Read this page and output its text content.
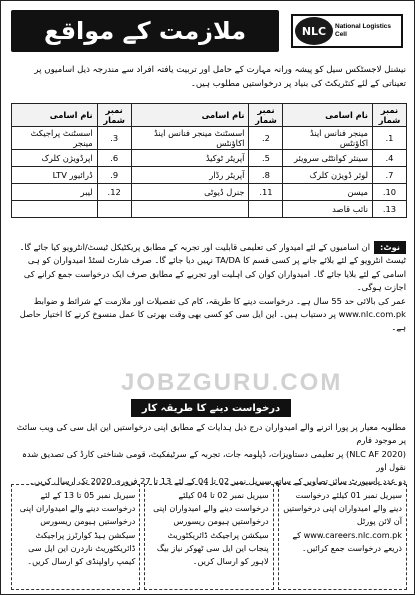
ملازمت کے مواقع	NLC	National Logistics Cell
نیشنل لاجسٹکس سیل کو پیشہ ورانہ مہارت کے حامل اور تربیت یافتہ افراد سے مندرجہ ذیل اسامیوں پر تعیناتی کے لئے کنٹریکٹ کی بنیاد پر درخواستیں مطلوب ہیں۔
نمبر شمار	نام اسامی	نمبر شمار	نام اسامی	نمبر شمار	نام اسامی
1.	مینجر فنانس اینڈ اکاؤنٹس	2.	اسسٹنٹ مینجر فنانس اینڈ اکاؤنٹس	3.	اسسٹنٹ پراجیکٹ مینجر
4.	سینئر کوانٹٹی سرویئر	5.	آپریٹر ٹوکیڈ	6.	اپرڈویژن کلرک
7.	لوئر ڈویژن کلرک	8.	آپریٹر رڈار	9.	ڈرائیور LTV
10.	میسن	11.	جنرل ڈیوٹی	12.	لیبر
13.	نائب قاصد				
نوٹ:ان اسامیوں کے لئے امیدوار کی تعلیمی قابلیت اور تجربہ کے مطابق پریکٹیکل ٹیسٹ/انٹرویو کیا جائے گا۔
ٹیسٹ انٹرویو کے لئے بلائے جانے پر کسی قسم کا TA/DA نہیں دیا جائے گا۔ صرف شارٹ لسٹڈ امیدواران کو ہی
اسامی کے لئے بلایا جائے گا۔ امیدواران کوان کی اہلیت اور تجربے کے مطابق صرف ایک درخواست جمع کرانے کی اجازت ہوگی۔
عمر کی بالائی حد 55 سال ہے۔ درخواست دینے کا طریقہ، کام کی تفصیلات اور ملازمت کے شرائط و ضوابط
www.nlc.com.pk پر دستیاب ہیں۔ این ایل سی کو کسی بھی وقت بھرتی کا عمل منسوخ کرنے کا اختیار حاصل ہے۔
JOBZGURU.COM
درخواست دینے کا طریقہ کار
مطلوبہ معیار پر پورا اترنے والے امیدواران درج ذیل ہدایات کے مطابق اپنی درخواستیں این ایل سی کی ویب سائٹ پر موجود فارم
(NLC AF 2020) پر تعلیمی دستاویزات، ڈپلومہ جات، تجربہ کے سرٹیفکیٹ، قومی شناختی کارڈ کی تصدیق شدہ نقول اور
دو عدد پاسپورٹ سائز تصاویر کے ساتھ سیریل نمبر 02 تا 04 کے لئے 13 تا 27 فروری 2020 تک ارسال کریں۔
سیریل نمبر 01 کیلئے درخواست دینے والے امیدواران اپنی درخواستیں آن لائن پورٹل www.careers.nlc.com.pk کے ذریعے درخواست جمع کرائیں۔
سیریل نمبر 02 تا 04 کیلئے درخواست دینے والے امیدواران اپنی درخواستیں ہیومن ریسورس سیکشن پراجیکٹ ڈائریکٹوریٹ پنجاب این ایل سی ٹھوکر نیاز بیگ لاہور کو ارسال کریں۔
سیریل نمبر 05 تا 13 کے لئے درخواست دینے والے امیدواران اپنی درخواستیں ہیومن ریسورس سیکشن ہیڈ کوارٹرز پراجیکٹ ڈائریکٹوریٹ ناردرن این ایل سی کیمپ راولپنڈی کو ارسال کریں۔
